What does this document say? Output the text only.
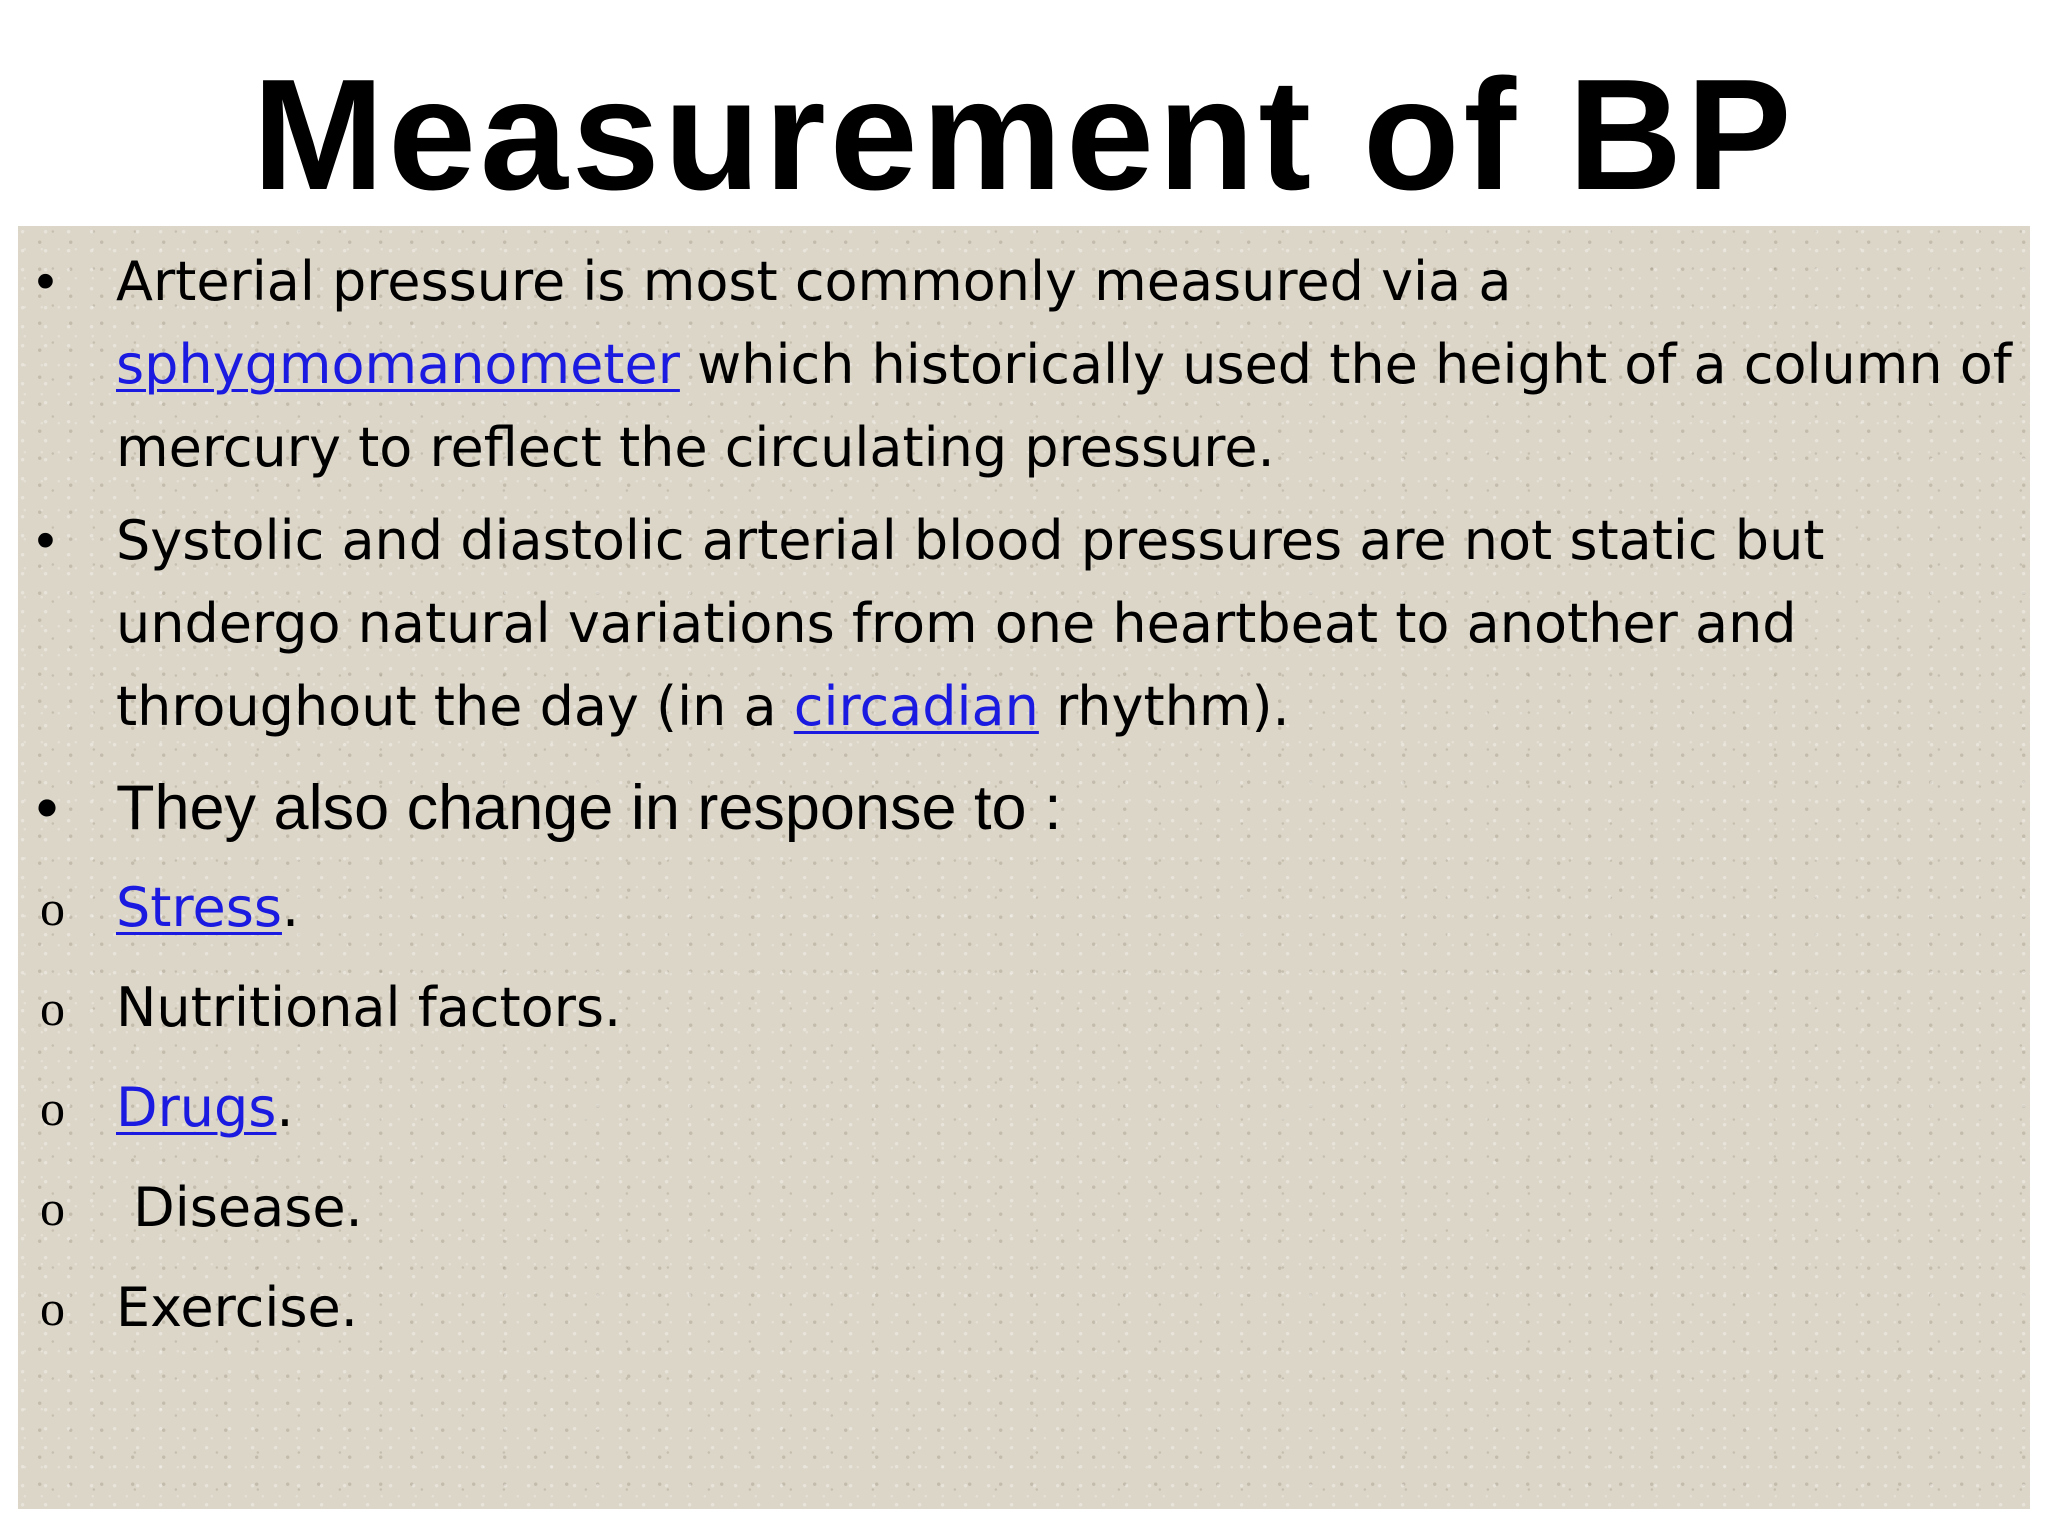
Measurement of BP
• Arterial pressure is most commonly measured via a sphygmomanometer which historically used the height of a column of mercury to reflect the circulating pressure.
• Systolic and diastolic arterial blood pressures are not static but undergo natural variations from one heartbeat to another and throughout the day (in a circadian rhythm).
• They also change in response to :
o Stress.
o Nutritional factors.
o Drugs.
o Disease.
o Exercise.
